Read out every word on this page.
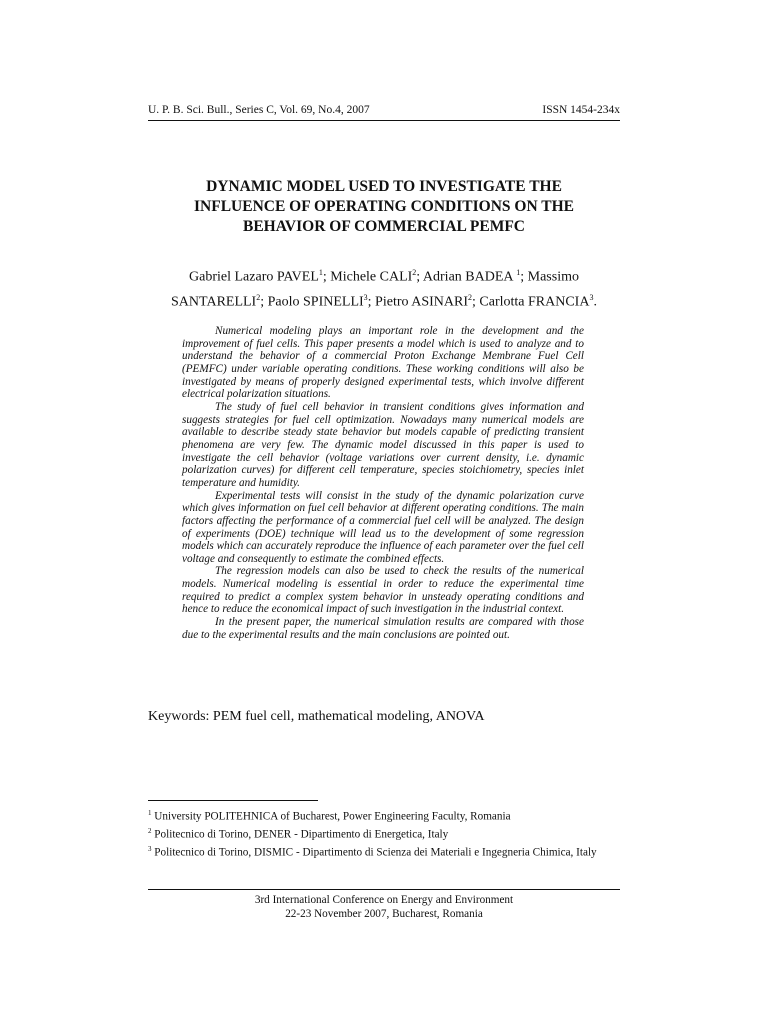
U. P. B. Sci. Bull., Series C, Vol. 69, No.4, 2007	ISSN 1454-234x
DYNAMIC MODEL USED TO INVESTIGATE THE
INFLUENCE OF OPERATING CONDITIONS ON THE
BEHAVIOR OF COMMERCIAL PEMFC
Gabriel Lazaro PAVEL$^1$; Michele CALI$^2$; Adrian BADEA $^1$; Massimo
SANTARELLI$^2$; Paolo SPINELLI$^3$; Pietro ASINARI$^2$; Carlotta FRANCIA$^3$.

Numerical modeling plays an important role in the development and the improvement of fuel cells. This paper presents a model which is used to analyze and to understand the behavior of a commercial Proton Exchange Membrane Fuel Cell (PEMFC) under variable operating conditions. These working conditions will also be investigated by means of properly designed experimental tests, which involve different electrical polarization situations.

The study of fuel cell behavior in transient conditions gives information and suggests strategies for fuel cell optimization. Nowadays many numerical models are available to describe steady state behavior but models capable of predicting transient phenomena are very few. The dynamic model discussed in this paper is used to investigate the cell behavior (voltage variations over current density, i.e. dynamic polarization curves) for different cell temperature, species stoichiometry, species inlet temperature and humidity.

Experimental tests will consist in the study of the dynamic polarization curve which gives information on fuel cell behavior at different operating conditions. The main factors affecting the performance of a commercial fuel cell will be analyzed. The design of experiments (DOE) technique will lead us to the development of some regression models which can accurately reproduce the influence of each parameter over the fuel cell voltage and consequently to estimate the combined effects.

The regression models can also be used to check the results of the numerical models. Numerical modeling is essential in order to reduce the experimental time required to predict a complex system behavior in unsteady operating conditions and hence to reduce the economical impact of such investigation in the industrial context.

In the present paper, the numerical simulation results are compared with those due to the experimental results and the main conclusions are pointed out.

Keywords: PEM fuel cell, mathematical modeling, ANOVA

$^1$ University POLITEHNICA of Bucharest, Power Engineering Faculty, Romania

$^2$ Politecnico di Torino, DENER - Dipartimento di Energetica, Italy

$^3$ Politecnico di Torino, DISMIC - Dipartimento di Scienza dei Materiali e Ingegneria Chimica, Italy

3rd International Conference on Energy and Environment

22-23 November 2007, Bucharest, Romania
